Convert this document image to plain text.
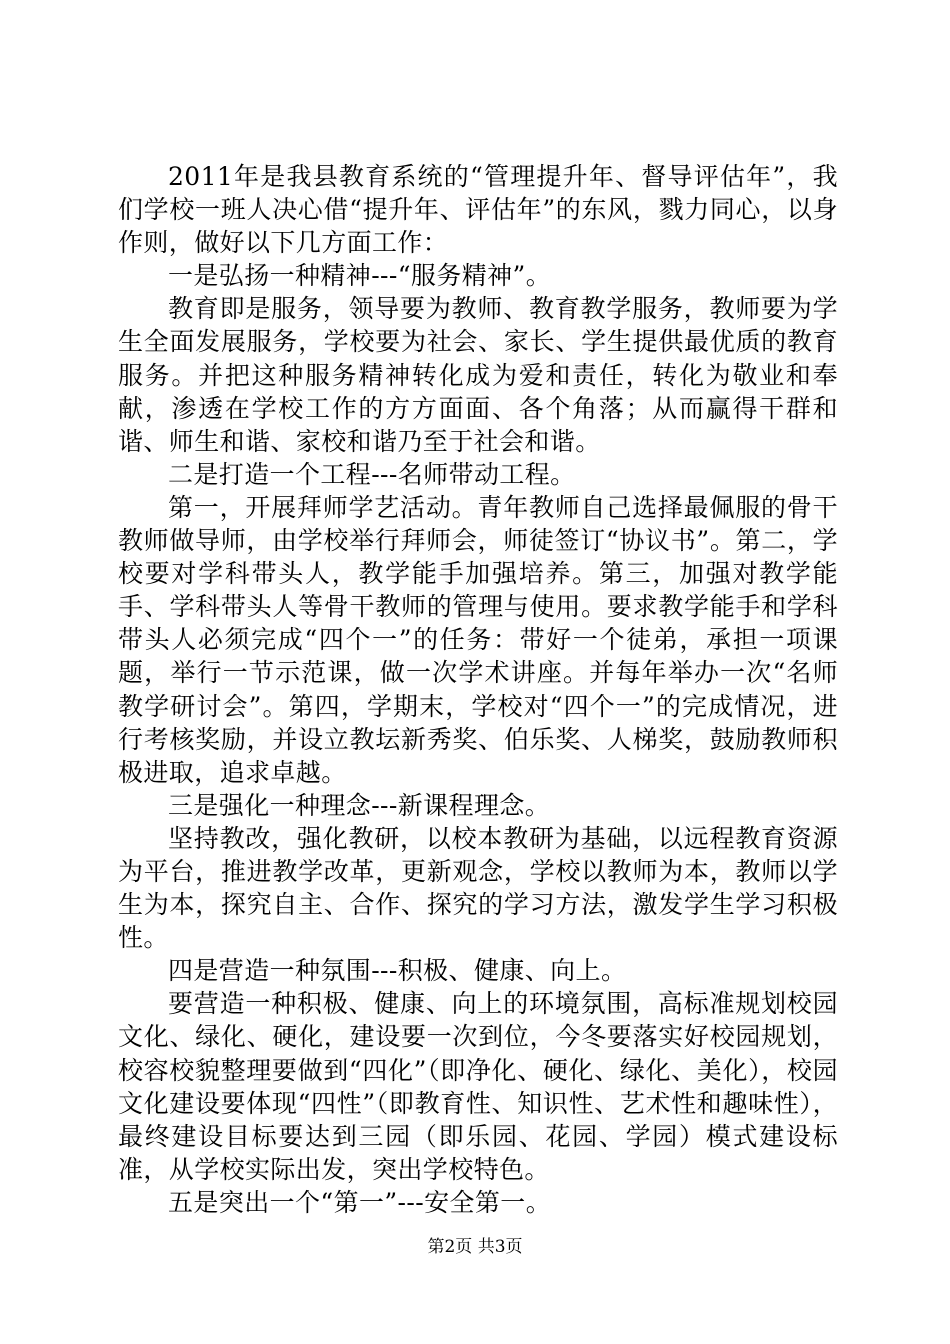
2011年是我县教育系统的“管理提升年、督导评估年”，我们学校一班人决心借“提升年、评估年”的东风，戮力同心，以身作则，做好以下几方面工作：

一是弘扬一种精神---“服务精神”。

教育即是服务，领导要为教师、教育教学服务，教师要为学生全面发展服务，学校要为社会、家长、学生提供最优质的教育服务。并把这种服务精神转化成为爱和责任，转化为敬业和奉献，渗透在学校工作的方方面面、各个角落；从而赢得干群和谐、师生和谐、家校和谐乃至于社会和谐。

二是打造一个工程---名师带动工程。

第一，开展拜师学艺活动。青年教师自己选择最佩服的骨干教师做导师，由学校举行拜师会，师徒签订“协议书”。第二，学校要对学科带头人，教学能手加强培养。第三，加强对教学能手、学科带头人等骨干教师的管理与使用。要求教学能手和学科带头人必须完成“四个一”的任务：带好一个徒弟，承担一项课题，举行一节示范课，做一次学术讲座。并每年举办一次“名师教学研讨会”。第四，学期末，学校对“四个一”的完成情况，进行考核奖励，并设立教坛新秀奖、伯乐奖、人梯奖，鼓励教师积极进取，追求卓越。

三是强化一种理念---新课程理念。

坚持教改，强化教研，以校本教研为基础，以远程教育资源为平台，推进教学改革，更新观念，学校以教师为本，教师以学生为本，探究自主、合作、探究的学习方法，激发学生学习积极性。

四是营造一种氛围---积极、健康、向上。

要营造一种积极、健康、向上的环境氛围，高标准规划校园文化、绿化、硬化，建设要一次到位，今冬要落实好校园规划，校容校貌整理要做到“四化”（即净化、硬化、绿化、美化），校园文化建设要体现“四性”（即教育性、知识性、艺术性和趣味性），最终建设目标要达到三园（即乐园、花园、学园）模式建设标准，从学校实际出发，突出学校特色。

五是突出一个“第一”---安全第一。

第2页 共3页
